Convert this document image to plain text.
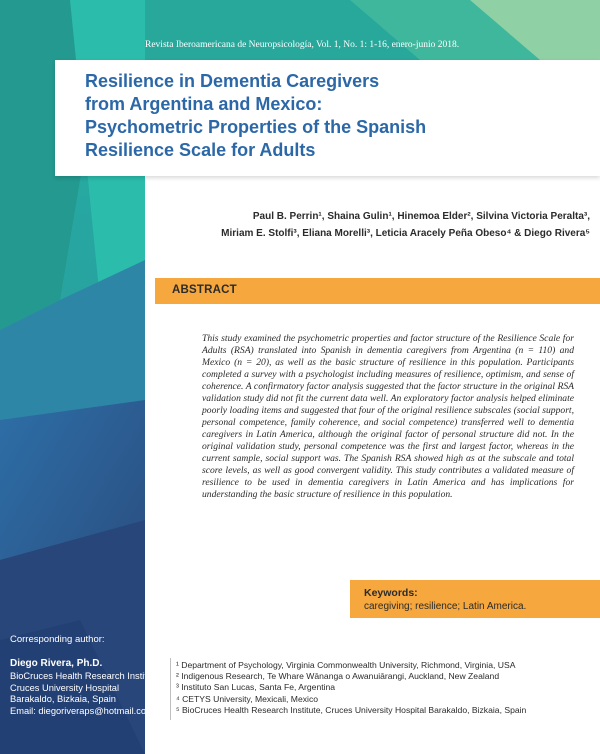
Revista Iberoamericana de Neuropsicología, Vol. 1, No. 1: 1-16, enero-junio 2018.
Resilience in Dementia Caregivers
from Argentina and Mexico:
Psychometric Properties of the Spanish
Resilience Scale for Adults
Paul B. Perrin¹, Shaina Gulin¹, Hinemoa Elder², Silvina Victoria Peralta³,
Miriam E. Stolfi³, Eliana Morelli³, Leticia Aracely Peña Obeso⁴ & Diego Rivera⁵
ABSTRACT

This study examined the psychometric properties and factor structure of the Resilience Scale for Adults (RSA) translated into Spanish in dementia caregivers from Argentina (n = 110) and Mexico (n = 20), as well as the basic structure of resilience in this population. Participants completed a survey with a psychologist including measures of resilience, optimism, and sense of coherence. A confirmatory factor analysis suggested that the factor structure in the original RSA validation study did not fit the current data well. An exploratory factor analysis helped eliminate poorly loading items and suggested that four of the original resilience subscales (social support, personal competence, family coherence, and social competence) transferred well to dementia caregivers in Latin America, although the original factor of personal structure did not. In the original validation study, personal competence was the first and largest factor, whereas in the current sample, social support was. The Spanish RSA showed high αs at the subscale and total score levels, as well as good convergent validity. This study contributes a validated measure of resilience to be used in dementia caregivers in Latin America and has implications for understanding the basic structure of resilience in this population.

Keywords:
caregiving; resilience; Latin America.
Corresponding author:
Diego Rivera, Ph.D.
BioCruces Health Research Institute,
Cruces University Hospital
Barakaldo, Bizkaia, Spain
Email: diegoriveraps@hotmail.com
¹ Department of Psychology, Virginia Commonwealth University, Richmond, Virginia, USA
² Indigenous Research, Te Whare Wānanga o Awanuiārangi, Auckland, New Zealand
³ Instituto San Lucas, Santa Fe, Argentina
⁴ CETYS University, Mexicali, Mexico
⁵ BioCruces Health Research Institute, Cruces University Hospital Barakaldo, Bizkaia, Spain
